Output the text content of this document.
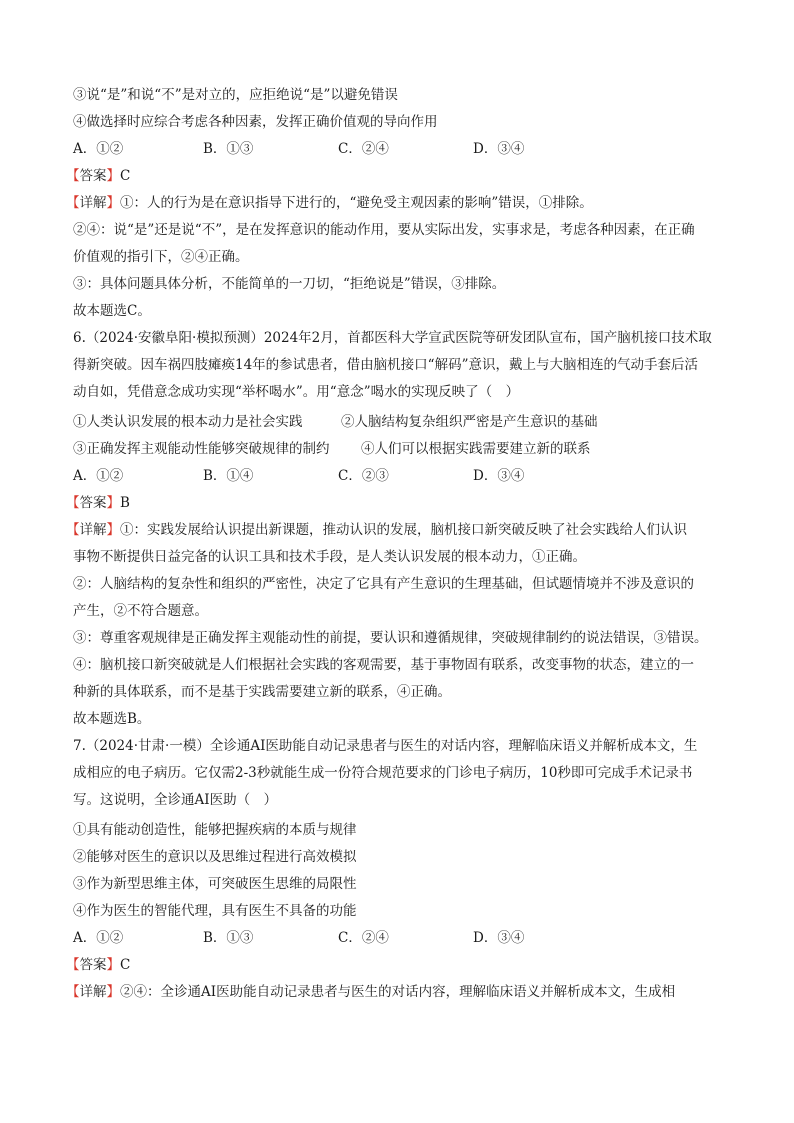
③说“是”和说“不”是对立的，应拒绝说“是”以避免错误
④做选择时应综合考虑各种因素，发挥正确价值观的导向作用
A．①②	B．①③	C．②④	D．③④
【答案】C
【详解】①：人的行为是在意识指导下进行的，“避免受主观因素的影响”错误，①排除。
②④：说“是”还是说“不”，是在发挥意识的能动作用，要从实际出发，实事求是，考虑各种因素，在正确
价值观的指引下，②④正确。
③：具体问题具体分析，不能简单的一刀切，“拒绝说是”错误，③排除。
故本题选C。
6.（2024·安徽阜阳·模拟预测）2024年2月，首都医科大学宣武医院等研发团队宣布，国产脑机接口技术取
得新突破。因车祸四肢瘫痪14年的参试患者，借由脑机接口“解码”意识，戴上与大脑相连的气动手套后活
动自如，凭借意念成功实现“举杯喝水”。用“意念”喝水的实现反映了（　）
①人类认识发展的根本动力是社会实践	②人脑结构复杂组织严密是产生意识的基础
③正确发挥主观能动性能够突破规律的制约 ④人们可以根据实践需要建立新的联系
A．①②	B．①④	C．②③	D．③④
【答案】B
【详解】①：实践发展给认识提出新课题，推动认识的发展，脑机接口新突破反映了社会实践给人们认识
事物不断提供日益完备的认识工具和技术手段，是人类认识发展的根本动力，①正确。
②：人脑结构的复杂性和组织的严密性，决定了它具有产生意识的生理基础，但试题情境并不涉及意识的
产生，②不符合题意。
③：尊重客观规律是正确发挥主观能动性的前提，要认识和遵循规律，突破规律制约的说法错误，③错误。
④：脑机接口新突破就是人们根据社会实践的客观需要，基于事物固有联系，改变事物的状态，建立的一
种新的具体联系，而不是基于实践需要建立新的联系，④正确。
故本题选B。
7.（2024·甘肃·一模）全诊通AI医助能自动记录患者与医生的对话内容，理解临床语义并解析成本文，生
成相应的电子病历。它仅需2-3秒就能生成一份符合规范要求的门诊电子病历，10秒即可完成手术记录书
写。这说明，全诊通AI医助（　）
①具有能动创造性，能够把握疾病的本质与规律
②能够对医生的意识以及思维过程进行高效模拟
③作为新型思维主体，可突破医生思维的局限性
④作为医生的智能代理，具有医生不具备的功能
A．①②	B．①③	C．②④	D．③④
【答案】C
【详解】②④：全诊通AI医助能自动记录患者与医生的对话内容，理解临床语义并解析成本文，生成相
